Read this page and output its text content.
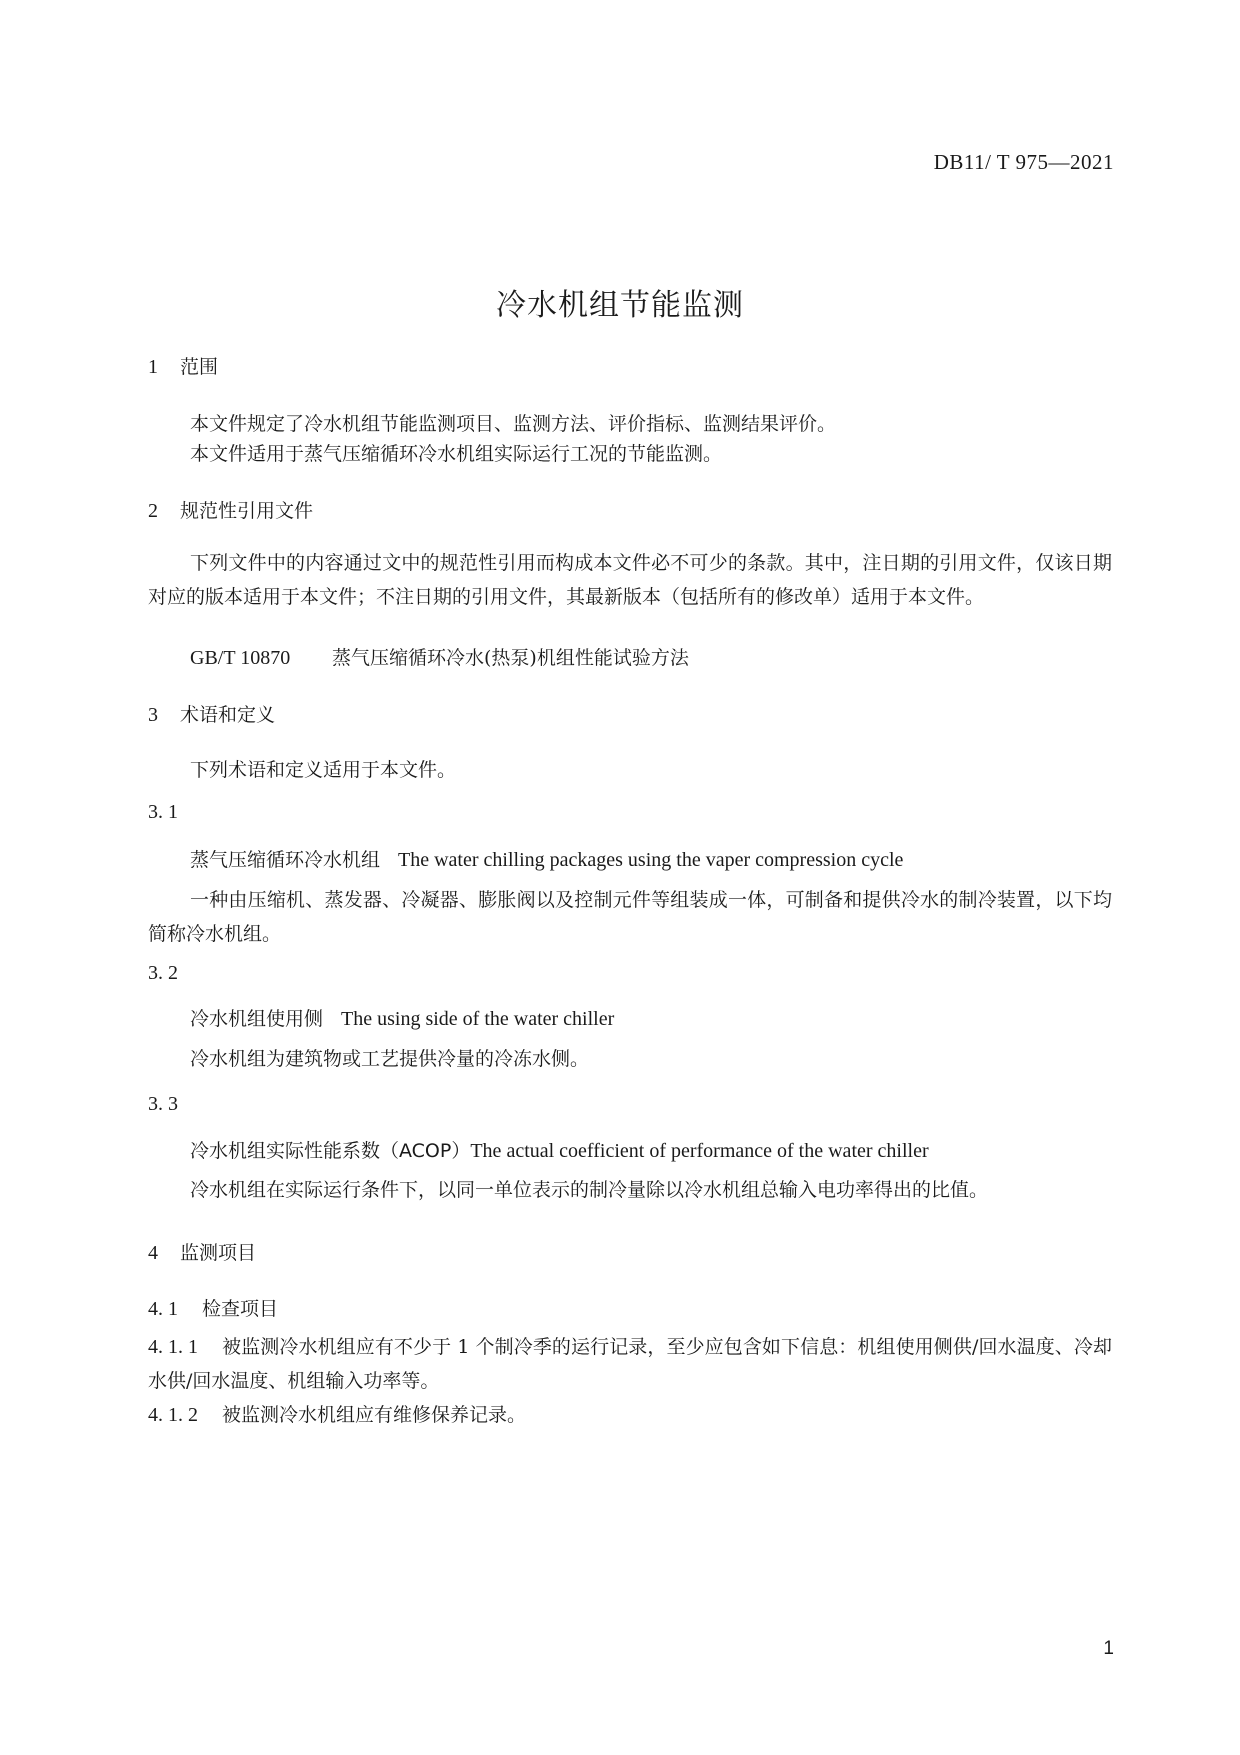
DB11/ T 975—2021
冷水机组节能监测
1 范围
本文件规定了冷水机组节能监测项目、监测方法、评价指标、监测结果评价。
本文件适用于蒸气压缩循环冷水机组实际运行工况的节能监测。
2 规范性引用文件
下列文件中的内容通过文中的规范性引用而构成本文件必不可少的条款。其中，注日期的引用文件，仅该日期对应的版本适用于本文件；不注日期的引用文件，其最新版本（包括所有的修改单）适用于本文件。
GB/T 10870 蒸气压缩循环冷水(热泵)机组性能试验方法
3 术语和定义
下列术语和定义适用于本文件。
3. 1
蒸气压缩循环冷水机组 The water chilling packages using the vaper compression cycle
一种由压缩机、蒸发器、冷凝器、膨胀阀以及控制元件等组装成一体，可制备和提供冷水的制冷装置，以下均简称冷水机组。
3. 2
冷水机组使用侧 The using side of the water chiller
冷水机组为建筑物或工艺提供冷量的冷冻水侧。
3. 3
冷水机组实际性能系数（ACOP）The actual coefficient of performance of the water chiller
冷水机组在实际运行条件下，以同一单位表示的制冷量除以冷水机组总输入电功率得出的比值。
4 监测项目
4. 1 检查项目
4. 1. 1 被监测冷水机组应有不少于 1 个制冷季的运行记录，至少应包含如下信息：机组使用侧供/回水温度、冷却水供/回水温度、机组输入功率等。
4. 1. 2 被监测冷水机组应有维修保养记录。
1
